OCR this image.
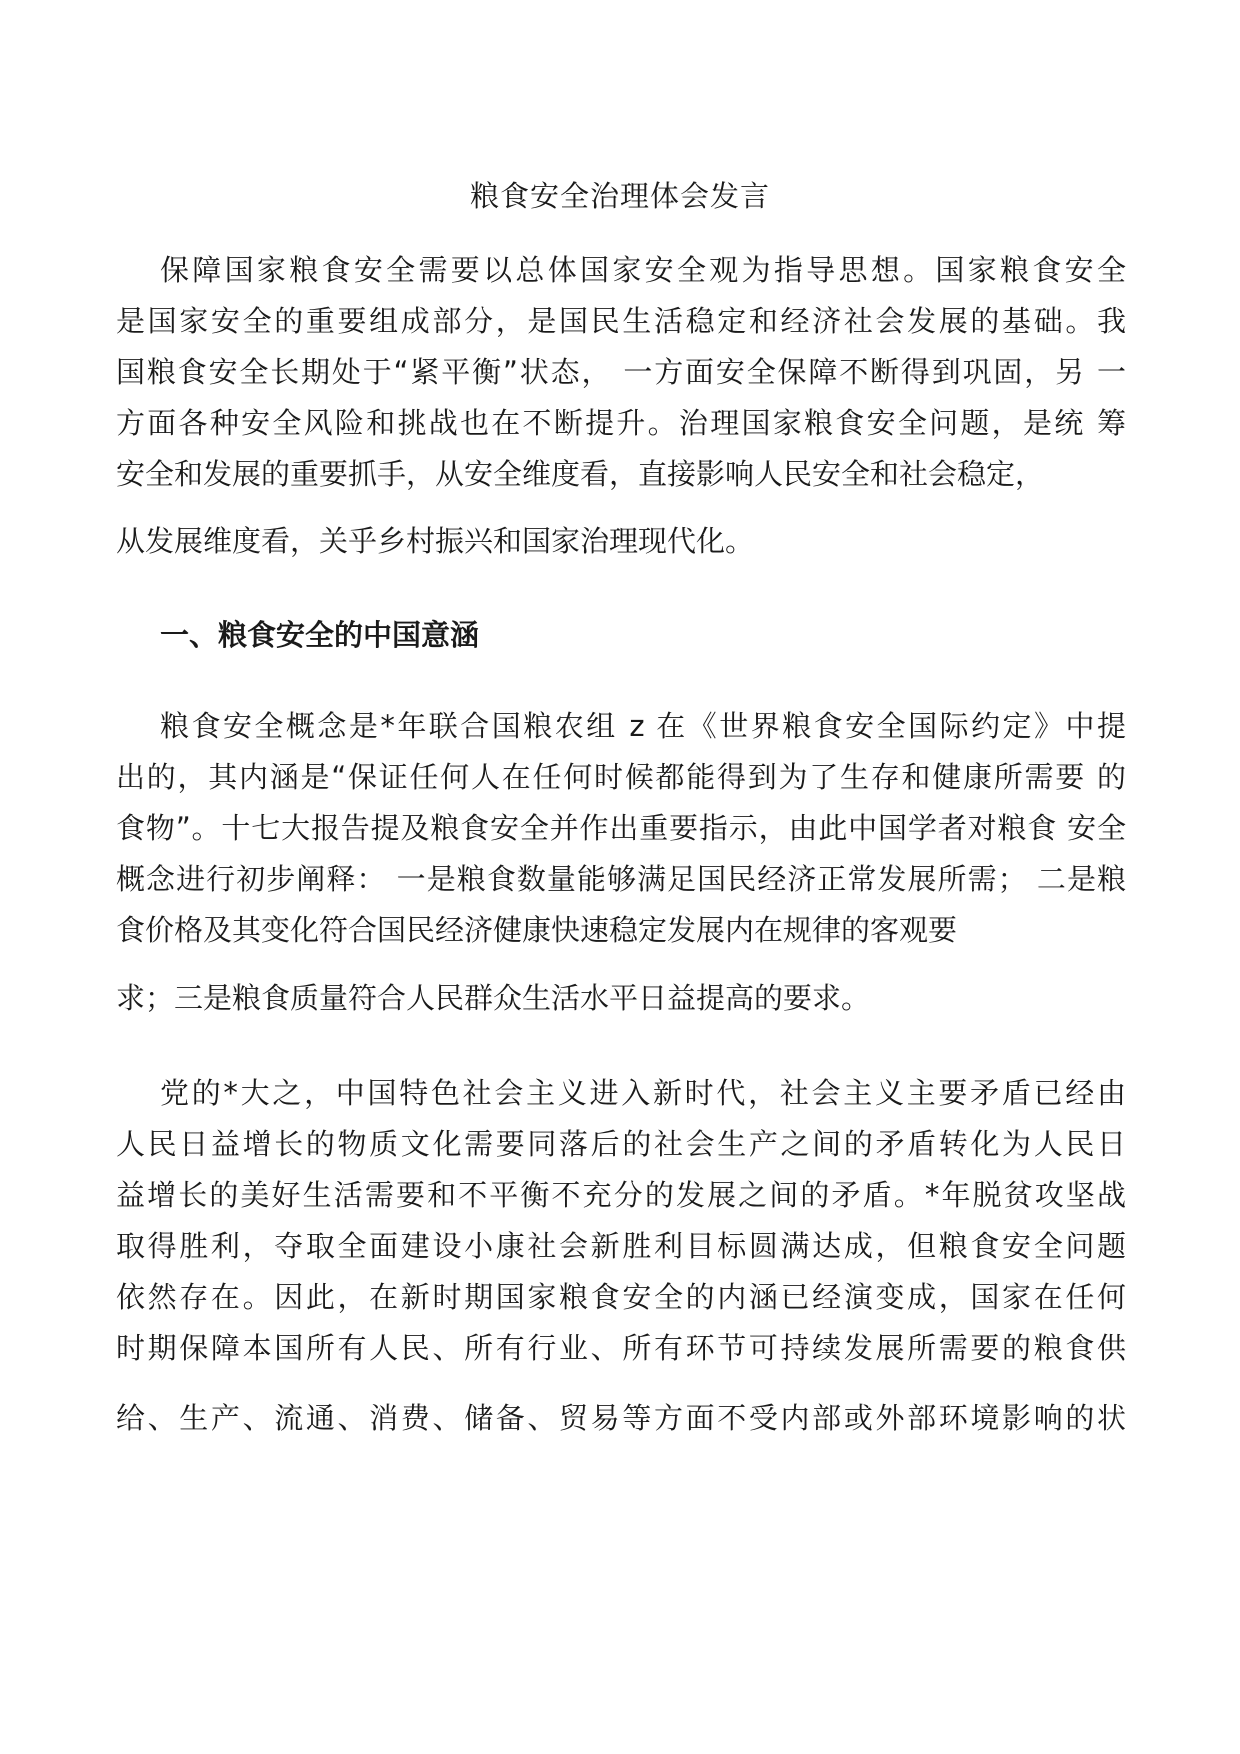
粮食安全治理体会发言
保障国家粮食安全需要以总体国家安全观为指导思想。国家粮食安全
是国家安全的重要组成部分，是国民生活稳定和经济社会发展的基础。我
国粮食安全长期处于“紧平衡”状态， 一方面安全保障不断得到巩固，另 一
方面各种安全风险和挑战也在不断提升。治理国家粮食安全问题，是统 筹
安全和发展的重要抓手，从安全维度看，直接影响人民安全和社会稳定，
从发展维度看，关乎乡村振兴和国家治理现代化。
一、粮食安全的中国意涵
粮食安全概念是*年联合国粮农组 z 在《世界粮食安全国际约定》中提
出的，其内涵是“保证任何人在任何时候都能得到为了生存和健康所需要 的
食物”。十七大报告提及粮食安全并作出重要指示，由此中国学者对粮食 安全
概念进行初步阐释： 一是粮食数量能够满足国民经济正常发展所需； 二是粮
食价格及其变化符合国民经济健康快速稳定发展内在规律的客观要
求；三是粮食质量符合人民群众生活水平日益提高的要求。
党的*大之，中国特色社会主义进入新时代，社会主义主要矛盾已经由
人民日益增长的物质文化需要同落后的社会生产之间的矛盾转化为人民日
益增长的美好生活需要和不平衡不充分的发展之间的矛盾。*年脱贫攻坚战
取得胜利，夺取全面建设小康社会新胜利目标圆满达成，但粮食安全问题
依然存在。因此，在新时期国家粮食安全的内涵已经演变成，国家在任何
时期保障本国所有人民、所有行业、所有环节可持续发展所需要的粮食供
给、生产、流通、消费、储备、贸易等方面不受内部或外部环境影响的状
